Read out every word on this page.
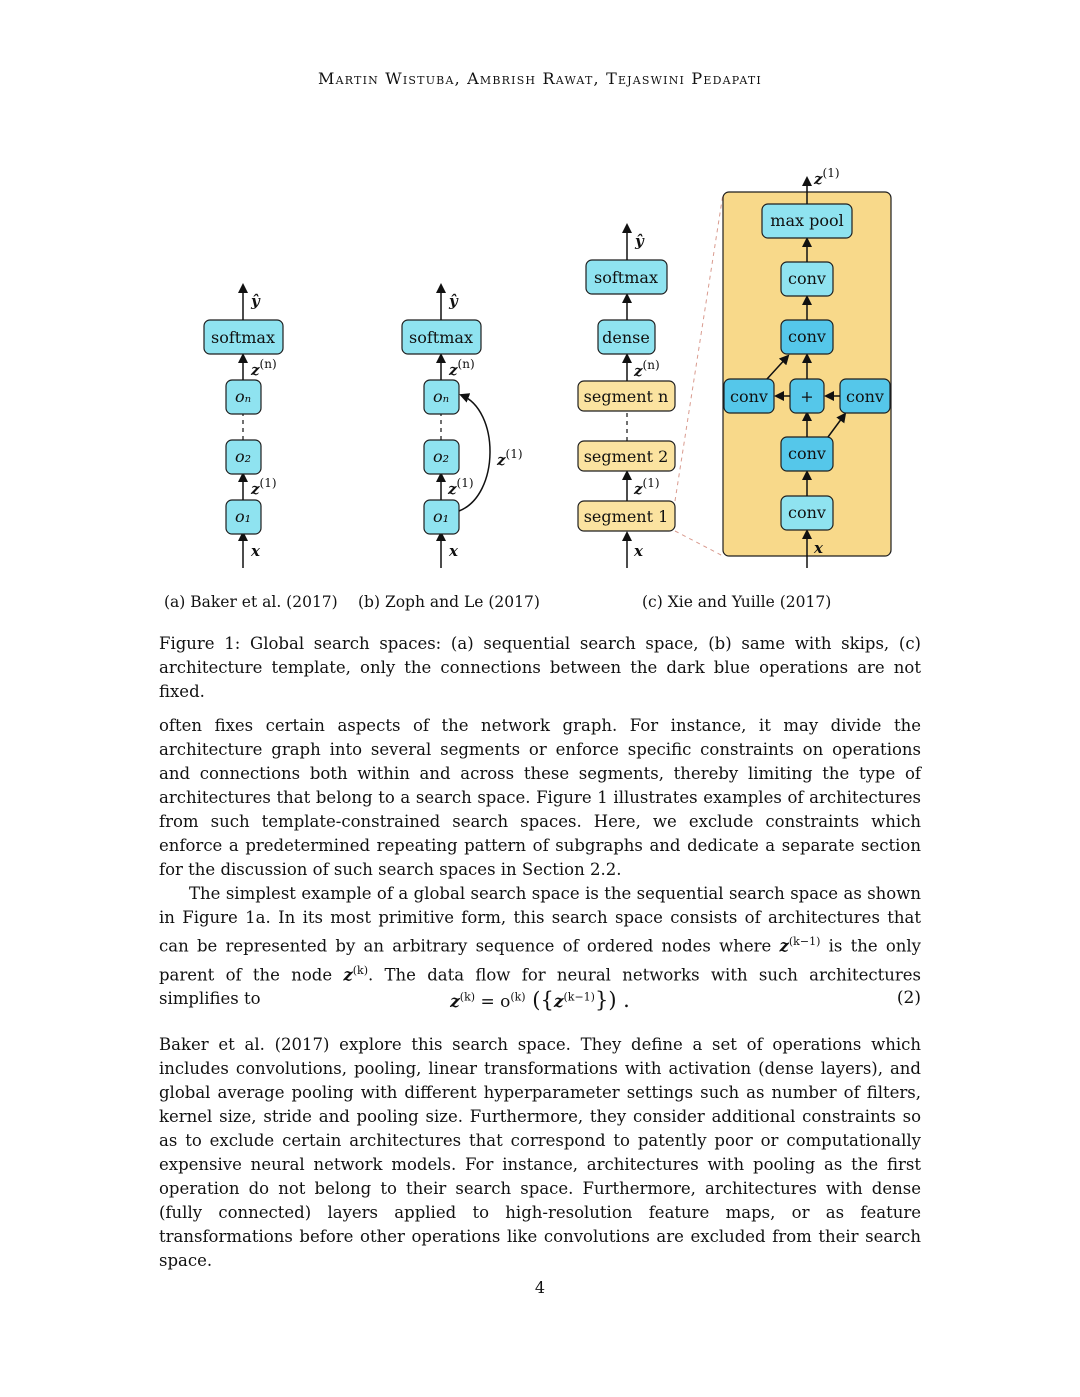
Martin Wistuba, Ambrish Rawat, Tejaswini Pedapati
x
o₁
$z^{(1)}$
o₂
oₙ
$z^{(n)}$
softmax
ŷ
x
o₁
$z^{(1)}$
o₂
oₙ
$z^{(1)}$
$z^{(n)}$
softmax
ŷ
x
segment 1
$z^{(1)}$
segment 2
segment n
$z^{(n)}$
dense
softmax
ŷ
x
conv
conv
+
conv	conv
conv
conv
max pool
$z^{(1)}$
(a) Baker et al. (2017) (b) Zoph and Le (2017)	(c) Xie and Yuille (2017)
Figure 1: Global search spaces: (a) sequential search space, (b) same with skips, (c) architecture template, only the connections between the dark blue operations are not fixed.

often fixes certain aspects of the network graph. For instance, it may divide the architecture graph into several segments or enforce specific constraints on operations and connections both within and across these segments, thereby limiting the type of architectures that belong to a search space. Figure 1 illustrates examples of architectures from such template-constrained search spaces. Here, we exclude constraints which enforce a predetermined repeating pattern of subgraphs and dedicate a separate section for the discussion of such search spaces in Section 2.2.

The simplest example of a global search space is the sequential search space as shown in Figure 1a. In its most primitive form, this search space consists of architectures that can be represented by an arbitrary sequence of ordered nodes where $z^{(k-1)}$ is the only parent of the node $z^{(k)}$. The data flow for neural networks with such architectures simplifies to	$z^{(k)} = o^{(k)}$ $(\{z^{(k-1)}\})$ .	(2)

Baker et al. (2017) explore this search space. They define a set of operations which includes convolutions, pooling, linear transformations with activation (dense layers), and global average pooling with different hyperparameter settings such as number of filters, kernel size, stride and pooling size. Furthermore, they consider additional constraints so as to exclude certain architectures that correspond to patently poor or computationally expensive neural network models. For instance, architectures with pooling as the first operation do not belong to their search space. Furthermore, architectures with dense (fully connected) layers applied to high-resolution feature maps, or as feature transformations before other operations like convolutions are excluded from their search space.

4
